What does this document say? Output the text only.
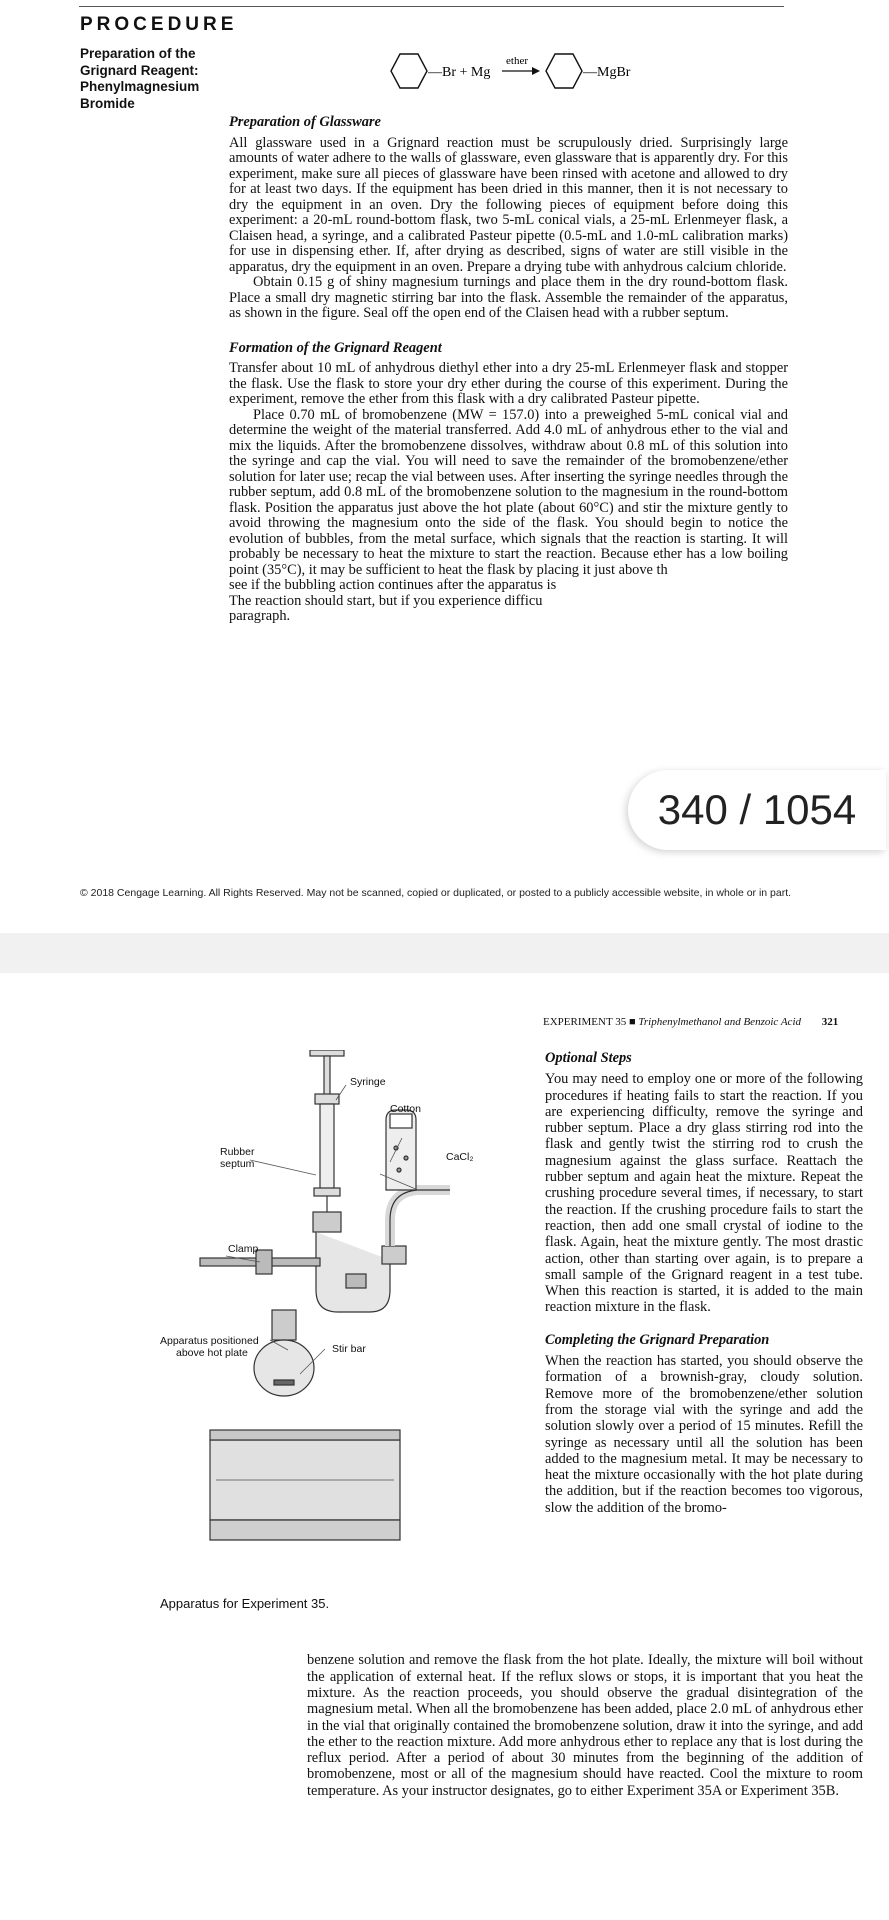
PROCEDURE
Preparation of the Grignard Reagent: Phenylmagnesium Bromide
—Br + Mg
ether
—MgBr
Preparation of Glassware

All glassware used in a Grignard reaction must be scrupulously dried. Surprisingly large amounts of water adhere to the walls of glassware, even glassware that is apparently dry. For this experiment, make sure all pieces of glassware have been rinsed with acetone and allowed to dry for at least two days. If the equipment has been dried in this manner, then it is not necessary to dry the equipment in an oven. Dry the following pieces of equipment before doing this experiment: a 20-mL round-bottom flask, two 5-mL conical vials, a 25-mL Erlenmeyer flask, a Claisen head, a syringe, and a calibrated Pasteur pipette (0.5-mL and 1.0-mL calibration marks) for use in dispensing ether. If, after drying as described, signs of water are still visible in the apparatus, dry the equipment in an oven. Prepare a drying tube with anhydrous calcium chloride.

Obtain 0.15 g of shiny magnesium turnings and place them in the dry round-bottom flask. Place a small dry magnetic stirring bar into the flask. Assemble the remainder of the apparatus, as shown in the figure. Seal off the open end of the Claisen head with a rubber septum.

Formation of the Grignard Reagent

Transfer about 10 mL of anhydrous diethyl ether into a dry 25-mL Erlenmeyer flask and stopper the flask. Use the flask to store your dry ether during the course of this experiment. During the experiment, remove the ether from this flask with a dry calibrated Pasteur pipette.

Place 0.70 mL of bromobenzene (MW = 157.0) into a preweighed 5-mL conical vial and determine the weight of the material transferred. Add 4.0 mL of anhydrous ether to the vial and mix the liquids. After the bromobenzene dissolves, withdraw about 0.8 mL of this solution into the syringe and cap the vial. You will need to save the remainder of the bromobenzene/ether solution for later use; recap the vial between uses. After inserting the syringe needles through the rubber septum, add 0.8 mL of the bromobenzene solution to the magnesium in the round-bottom flask. Position the apparatus just above the hot plate (about 60°C) and stir the mixture gently to avoid throwing the magnesium onto the side of the flask. You should begin to notice the evolution of bubbles, from the metal surface, which signals that the reaction is starting. It will probably be necessary to heat the mixture to start the reaction. Because ether has a low boiling point (35°C), it may be sufficient to heat the flask by placing it just above th

see if the bubbling action continues after the apparatus is

The reaction should start, but if you experience difficu

paragraph.

340 / 1054
© 2018 Cengage Learning. All Rights Reserved. May not be scanned, copied or duplicated, or posted to a publicly accessible website, in whole or in part.
EXPERIMENT 35 ■ Triphenylmethanol and Benzoic Acid 321
Syringe
Cotton
Rubber
septum
CaCl₂
Clamp
Apparatus positioned
above hot plate	Stir bar
Optional Steps

You may need to employ one or more of the following procedures if heating fails to start the reaction. If you are experiencing difficulty, remove the syringe and rubber septum. Place a dry glass stirring rod into the flask and gently twist the stirring rod to crush the magnesium against the glass surface. Reattach the rubber septum and again heat the mixture. Repeat the crushing procedure several times, if necessary, to start the reaction. If the crushing procedure fails to start the reaction, then add one small crystal of iodine to the flask. Again, heat the mixture gently. The most drastic action, other than starting over again, is to prepare a small sample of the Grignard reagent in a test tube. When this reaction is started, it is added to the main reaction mixture in the flask.

Completing the Grignard Preparation

When the reaction has started, you should observe the formation of a brownish-gray, cloudy solution. Remove more of the bromobenzene/ether solution from the storage vial with the syringe and add the solution slowly over a period of 15 minutes. Refill the syringe as necessary until all the solution has been added to the magnesium metal. It may be necessary to heat the mixture occasionally with the hot plate during the addition, but if the reaction becomes too vigorous, slow the addition of the bromo-

Apparatus for Experiment 35.

benzene solution and remove the flask from the hot plate. Ideally, the mixture will boil without the application of external heat. If the reflux slows or stops, it is important that you heat the mixture. As the reaction proceeds, you should observe the gradual disintegration of the magnesium metal. When all the bromobenzene has been added, place 2.0 mL of anhydrous ether in the vial that originally contained the bromobenzene solution, draw it into the syringe, and add the ether to the reaction mixture. Add more anhydrous ether to replace any that is lost during the reflux period. After a period of about 30 minutes from the beginning of the addition of bromobenzene, most or all of the magnesium should have reacted. Cool the mixture to room temperature. As your instructor designates, go to either Experiment 35A or Experiment 35B.
